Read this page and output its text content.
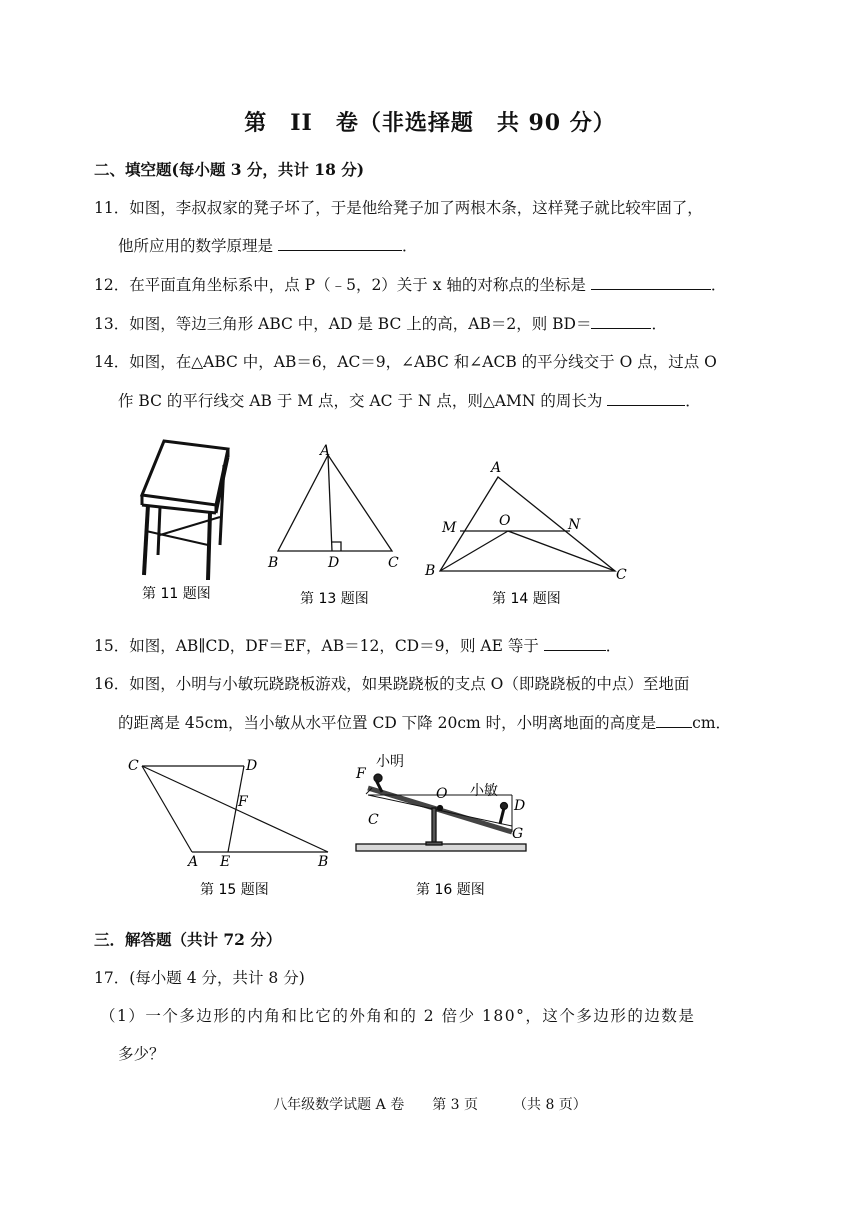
第　II　卷（非选择题　共 90 分）
二、填空题(每小题 3 分，共计 18 分)
11．如图，李叔叔家的凳子坏了，于是他给凳子加了两根木条，这样凳子就比较牢固了，
他所应用的数学原理是	．
12．在平面直角坐标系中，点 P（﹣5，2）关于 x 轴的对称点的坐标是	．
13．如图，等边三角形 ABC 中，AD 是 BC 上的高，AB＝2，则 BD＝	．
14．如图，在△ABC 中，AB＝6，AC＝9，∠ABC 和∠ACB 的平分线交于 O 点，过点 O
作 BC 的平行线交 AB 于 M 点，交 AC 于 N 点，则△AMN 的周长为	．
第 11 题图
A
B	C
D
第 13 题图
A
B	C
M	N
O
第 14 题图
15．如图，AB∥CD，DF＝EF，AB＝12，CD＝9，则 AE 等于	．
16．如图，小明与小敏玩跷跷板游戏，如果跷跷板的支点 O（即跷跷板的中点）至地面
的距离是 45cm，当小敏从水平位置 CD 下降 20cm 时，小明离地面的高度是 cm．
C	D
F
A E	B
第 15 题图
小明
小敏
F
O
D
C
G
第 16 题图
三．解答题（共计 72 分）
17．(每小题 4 分，共计 8 分)
（1）一个多边形的内角和比它的外角和的 2 倍少 180°，这个多边形的边数是
多少？
八年级数学试题 A 卷　　第 3 页　　　（共 8 页）
